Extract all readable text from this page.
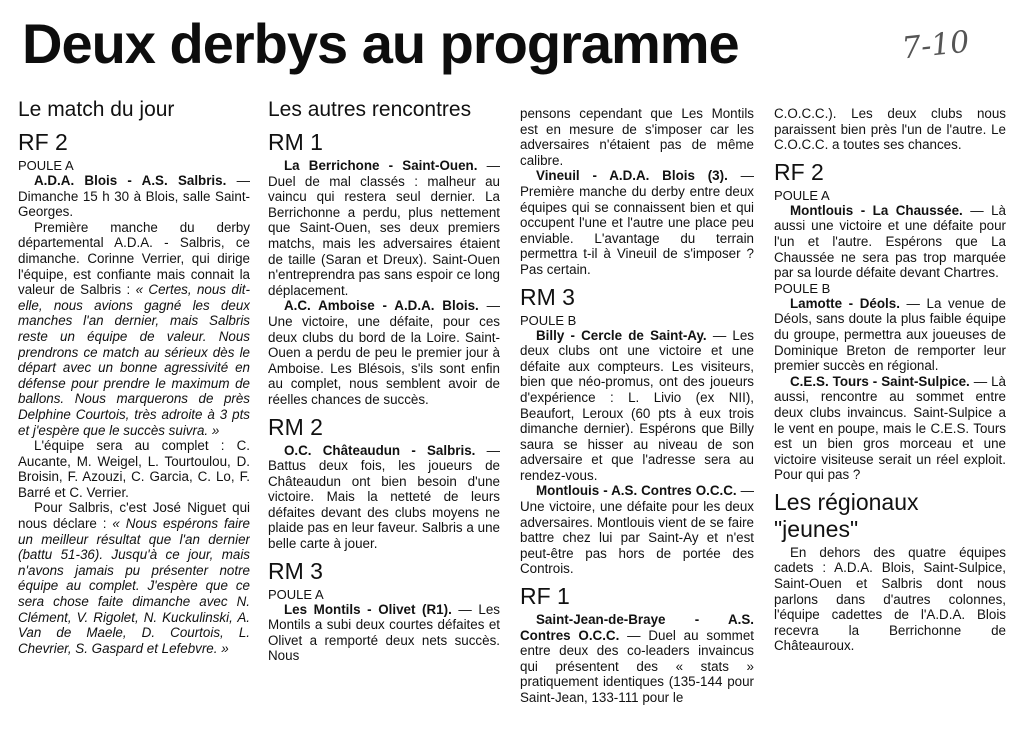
Deux derbys au programme	7-10
Le match du jour
RF 2
POULE A

A.D.A. Blois - A.S. Salbris. — Dimanche 15 h 30 à Blois, salle Saint-Georges.

Première manche du derby départemental A.D.A. - Salbris, ce dimanche. Corinne Verrier, qui dirige l'équipe, est confiante mais connait la valeur de Salbris : « Certes, nous dit-elle, nous avions gagné les deux manches l'an dernier, mais Salbris reste un équipe de valeur. Nous prendrons ce match au sérieux dès le départ avec un bonne agressivité en défense pour prendre le maximum de ballons. Nous marquerons de près Delphine Courtois, très adroite à 3 pts et j'espère que le succès suivra. »

L'équipe sera au complet : C. Aucante, M. Weigel, L. Tourtoulou, D. Broisin, F. Azouzi, C. Garcia, C. Lo, F. Barré et C. Verrier.

Pour Salbris, c'est José Niguet qui nous déclare : « Nous espérons faire un meilleur résultat que l'an dernier (battu 51-36). Jusqu'à ce jour, mais n'avons jamais pu présenter notre équipe au complet. J'espère que ce sera chose faite dimanche avec N. Clément, V. Rigolet, N. Kuckulinski, A. Van de Maele, D. Courtois, L. Chevrier, S. Gaspard et Lefebvre. »

Les autres rencontres
RM 1

La Berrichone - Saint-Ouen. — Duel de mal classés : malheur au vaincu qui restera seul dernier. La Berrichonne a perdu, plus nettement que Saint-Ouen, ses deux premiers matchs, mais les adversaires étaient de taille (Saran et Dreux). Saint-Ouen n'entreprendra pas sans espoir ce long déplacement.

A.C. Amboise - A.D.A. Blois. — Une victoire, une défaite, pour ces deux clubs du bord de la Loire. Saint-Ouen a perdu de peu le premier jour à Amboise. Les Blésois, s'ils sont enfin au complet, nous semblent avoir de réelles chances de succès.

RM 2

O.C. Châteaudun - Salbris. — Battus deux fois, les joueurs de Châteaudun ont bien besoin d'une victoire. Mais la netteté de leurs défaites devant des clubs moyens ne plaide pas en leur faveur. Salbris a une belle carte à jouer.

RM 3
POULE A

Les Montils - Olivet (R1). — Les Montils a subi deux courtes défaites et Olivet a remporté deux nets succès. Nous

pensons cependant que Les Montils est en mesure de s'imposer car les adversaires n'étaient pas de même calibre.

Vineuil - A.D.A. Blois (3). — Première manche du derby entre deux équipes qui se connaissent bien et qui occupent l'une et l'autre une place peu enviable. L'avantage du terrain permettra t-il à Vineuil de s'imposer ? Pas certain.

RM 3
POULE B

Billy - Cercle de Saint-Ay. — Les deux clubs ont une victoire et une défaite aux compteurs. Les visiteurs, bien que néo-promus, ont des joueurs d'expérience : L. Livio (ex NII), Beaufort, Leroux (60 pts à eux trois dimanche dernier). Espérons que Billy saura se hisser au niveau de son adversaire et que l'adresse sera au rendez-vous.

Montlouis - A.S. Contres O.C.C. — Une victoire, une défaite pour les deux adversaires. Montlouis vient de se faire battre chez lui par Saint-Ay et n'est peut-être pas hors de portée des Controis.

RF 1

Saint-Jean-de-Braye - A.S. Contres O.C.C. — Duel au sommet entre deux des co-leaders invaincus qui présentent des « stats » pratiquement identiques (135-144 pour Saint-Jean, 133-111 pour le

C.O.C.C.). Les deux clubs nous paraissent bien près l'un de l'autre. Le C.O.C.C. a toutes ses chances.

RF 2
POULE A

Montlouis - La Chaussée. — Là aussi une victoire et une défaite pour l'un et l'autre. Espérons que La Chaussée ne sera pas trop marquée par sa lourde défaite devant Chartres.

POULE B

Lamotte - Déols. — La venue de Déols, sans doute la plus faible équipe du groupe, permettra aux joueuses de Dominique Breton de remporter leur premier succès en régional.

C.E.S. Tours - Saint-Sulpice. — Là aussi, rencontre au sommet entre deux clubs invaincus. Saint-Sulpice a le vent en poupe, mais le C.E.S. Tours est un bien gros morceau et une victoire visiteuse serait un réel exploit. Pour qui pas ?

Les régionaux "jeunes"

En dehors des quatre équipes cadets : A.D.A. Blois, Saint-Sulpice, Saint-Ouen et Salbris dont nous parlons dans d'autres colonnes, l'équipe cadettes de l'A.D.A. Blois recevra la Berrichonne de Châteauroux.
